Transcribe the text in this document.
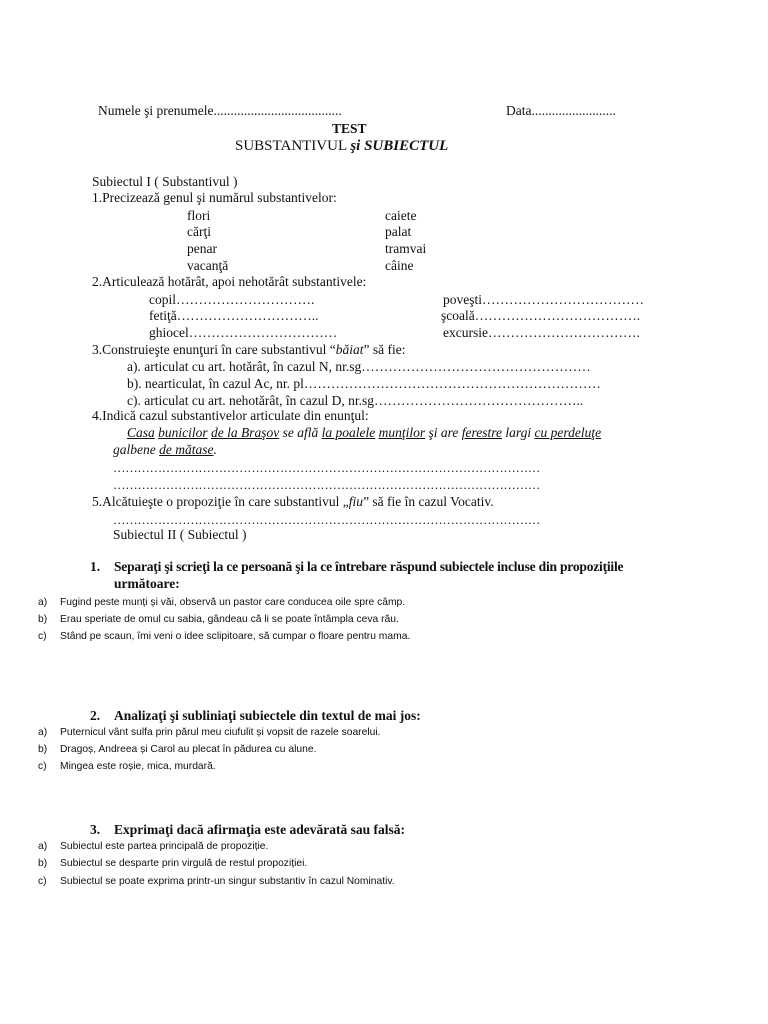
Numele şi prenumele......................................	Data.........................
TEST
SUBSTANTIVUL şi SUBIECTUL
Subiectul I ( Substantivul )
1.Precizează genul şi numărul substantivelor:
flori
cărţi
penar
vacanţă
caiete
palat
tramvai
câine
2.Articulează hotărât, apoi nehotărât substantivele:
copil………………………….
fetiţă…………………………..
ghiocel……………………………
poveşti………………………………
şcoală……………………………….
excursie…………………………….
3.Construieşte enunţuri în care substantivul “băiat” să fie:
a). articulat cu art. hotărât, în cazul N, nr.sg……………………………………………
b). nearticulat, în cazul Ac, nr. pl…………………………………………………………
c). articulat cu art. nehotărât, în cazul D, nr.sg………………………………………..
4.Indică cazul substantivelor articulate din enunţul:
Casa bunicilor de la Braşov se află la poalele munţilor şi are ferestre largi cu perdeluţe
galbene de mătase.
……………………………………………………………………………………………
……………………………………………………………………………………………
5.Alcătuieşte o propoziţie în care substantivul „fiu” să fie în cazul Vocativ.
……………………………………………………………………………………………
Subiectul II ( Subiectul )
1. Separaţi şi scrieţi la ce persoană şi la ce întrebare răspund subiectele incluse din propoziţiile
următoare:
a) Fugind peste munți și văi, observă un pastor care conducea oile spre câmp.
b) Erau speriate de omul cu sabia, gândeau că li se poate întâmpla ceva rău.
c) Stând pe scaun, îmi veni o idee sclipitoare, să cumpar o floare pentru mama.
2. Analizaţi şi subliniaţi subiectele din textul de mai jos:
a) Puternicul vânt sulfa prin părul meu ciufulit și vopsit de razele soarelui.
b) Dragoș, Andreea și Carol au plecat în pădurea cu alune.
c) Mingea este roșie, mica, murdară.
3. Exprimaţi dacă afirmaţia este adevărată sau falsă:
a) Subiectul este partea principală de propoziție.
b) Subiectul se desparte prin virgulă de restul propoziției.
c) Subiectul se poate exprima printr-un singur substantiv în cazul Nominativ.
